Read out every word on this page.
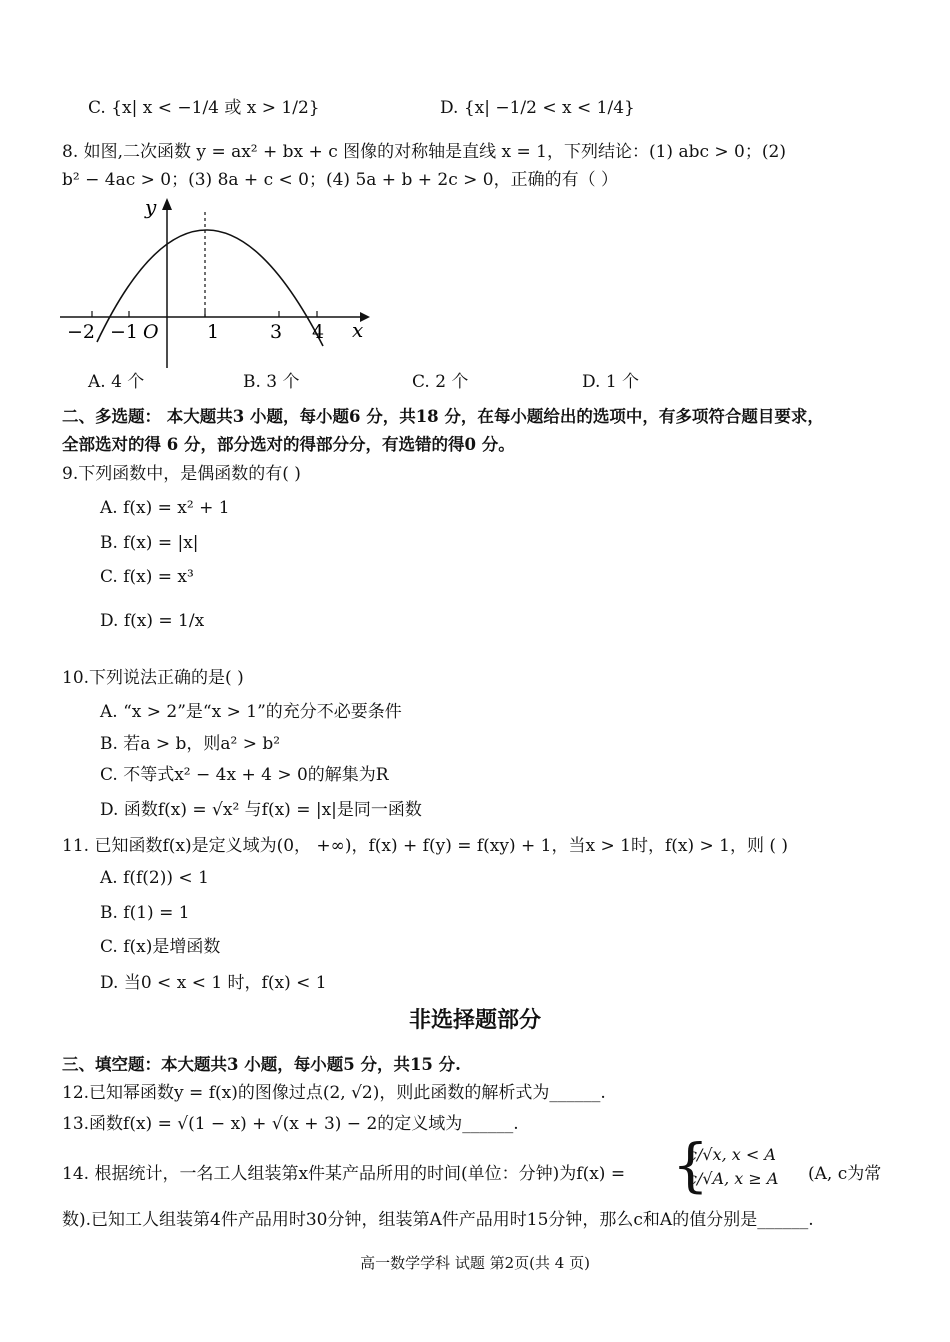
C. {x| x < −1/4 或 x > 1/2}	D. {x| −1/2 < x < 1/4}
8. 如图,二次函数 y = ax² + bx + c 图像的对称轴是直线 x = 1，下列结论：(1) abc > 0；(2)
b² − 4ac > 0；(3) 8a + c < 0；(4) 5a + b + 2c > 0，正确的有（ ）
y
x
O
−2 −1	1	3 4
A. 4 个	B. 3 个	C. 2 个	D. 1 个
二、多选题： 本大题共3 小题，每小题6 分，共18 分，在每小题给出的选项中，有多项符合题目要求，
全部选对的得 6 分，部分选对的得部分分，有选错的得0 分。
9.下列函数中，是偶函数的有( )
A. f(x) = x² + 1
B. f(x) = |x|
C. f(x) = x³
D. f(x) = 1/x
10.下列说法正确的是( )
A. “x > 2”是“x > 1”的充分不必要条件
B. 若a > b，则a² > b²
C. 不等式x² − 4x + 4 > 0的解集为R
D. 函数f(x) = √x² 与f(x) = |x|是同一函数
11. 已知函数f(x)是定义域为(0， +∞)，f(x) + f(y) = f(xy) + 1，当x > 1时，f(x) > 1，则 ( )
A. f(f(2)) < 1
B. f(1) = 1
C. f(x)是增函数
D. 当0 < x < 1 时，f(x) < 1
非选择题部分
三、填空题：本大题共3 小题，每小题5 分，共15 分.
12.已知幂函数y = f(x)的图像过点(2, √2)，则此函数的解析式为______.
13.函数f(x) = √(1 − x) + √(x + 3) − 2的定义域为______.
14. 根据统计，一名工人组装第x件某产品所用的时间(单位：分钟)为f(x) = {
c/√x, x < A
c/√A, x ≥ A (A, c为常
数).已知工人组装第4件产品用时30分钟，组装第A件产品用时15分钟，那么c和A的值分别是______.
高一数学学科 试题 第2页(共 4 页)
